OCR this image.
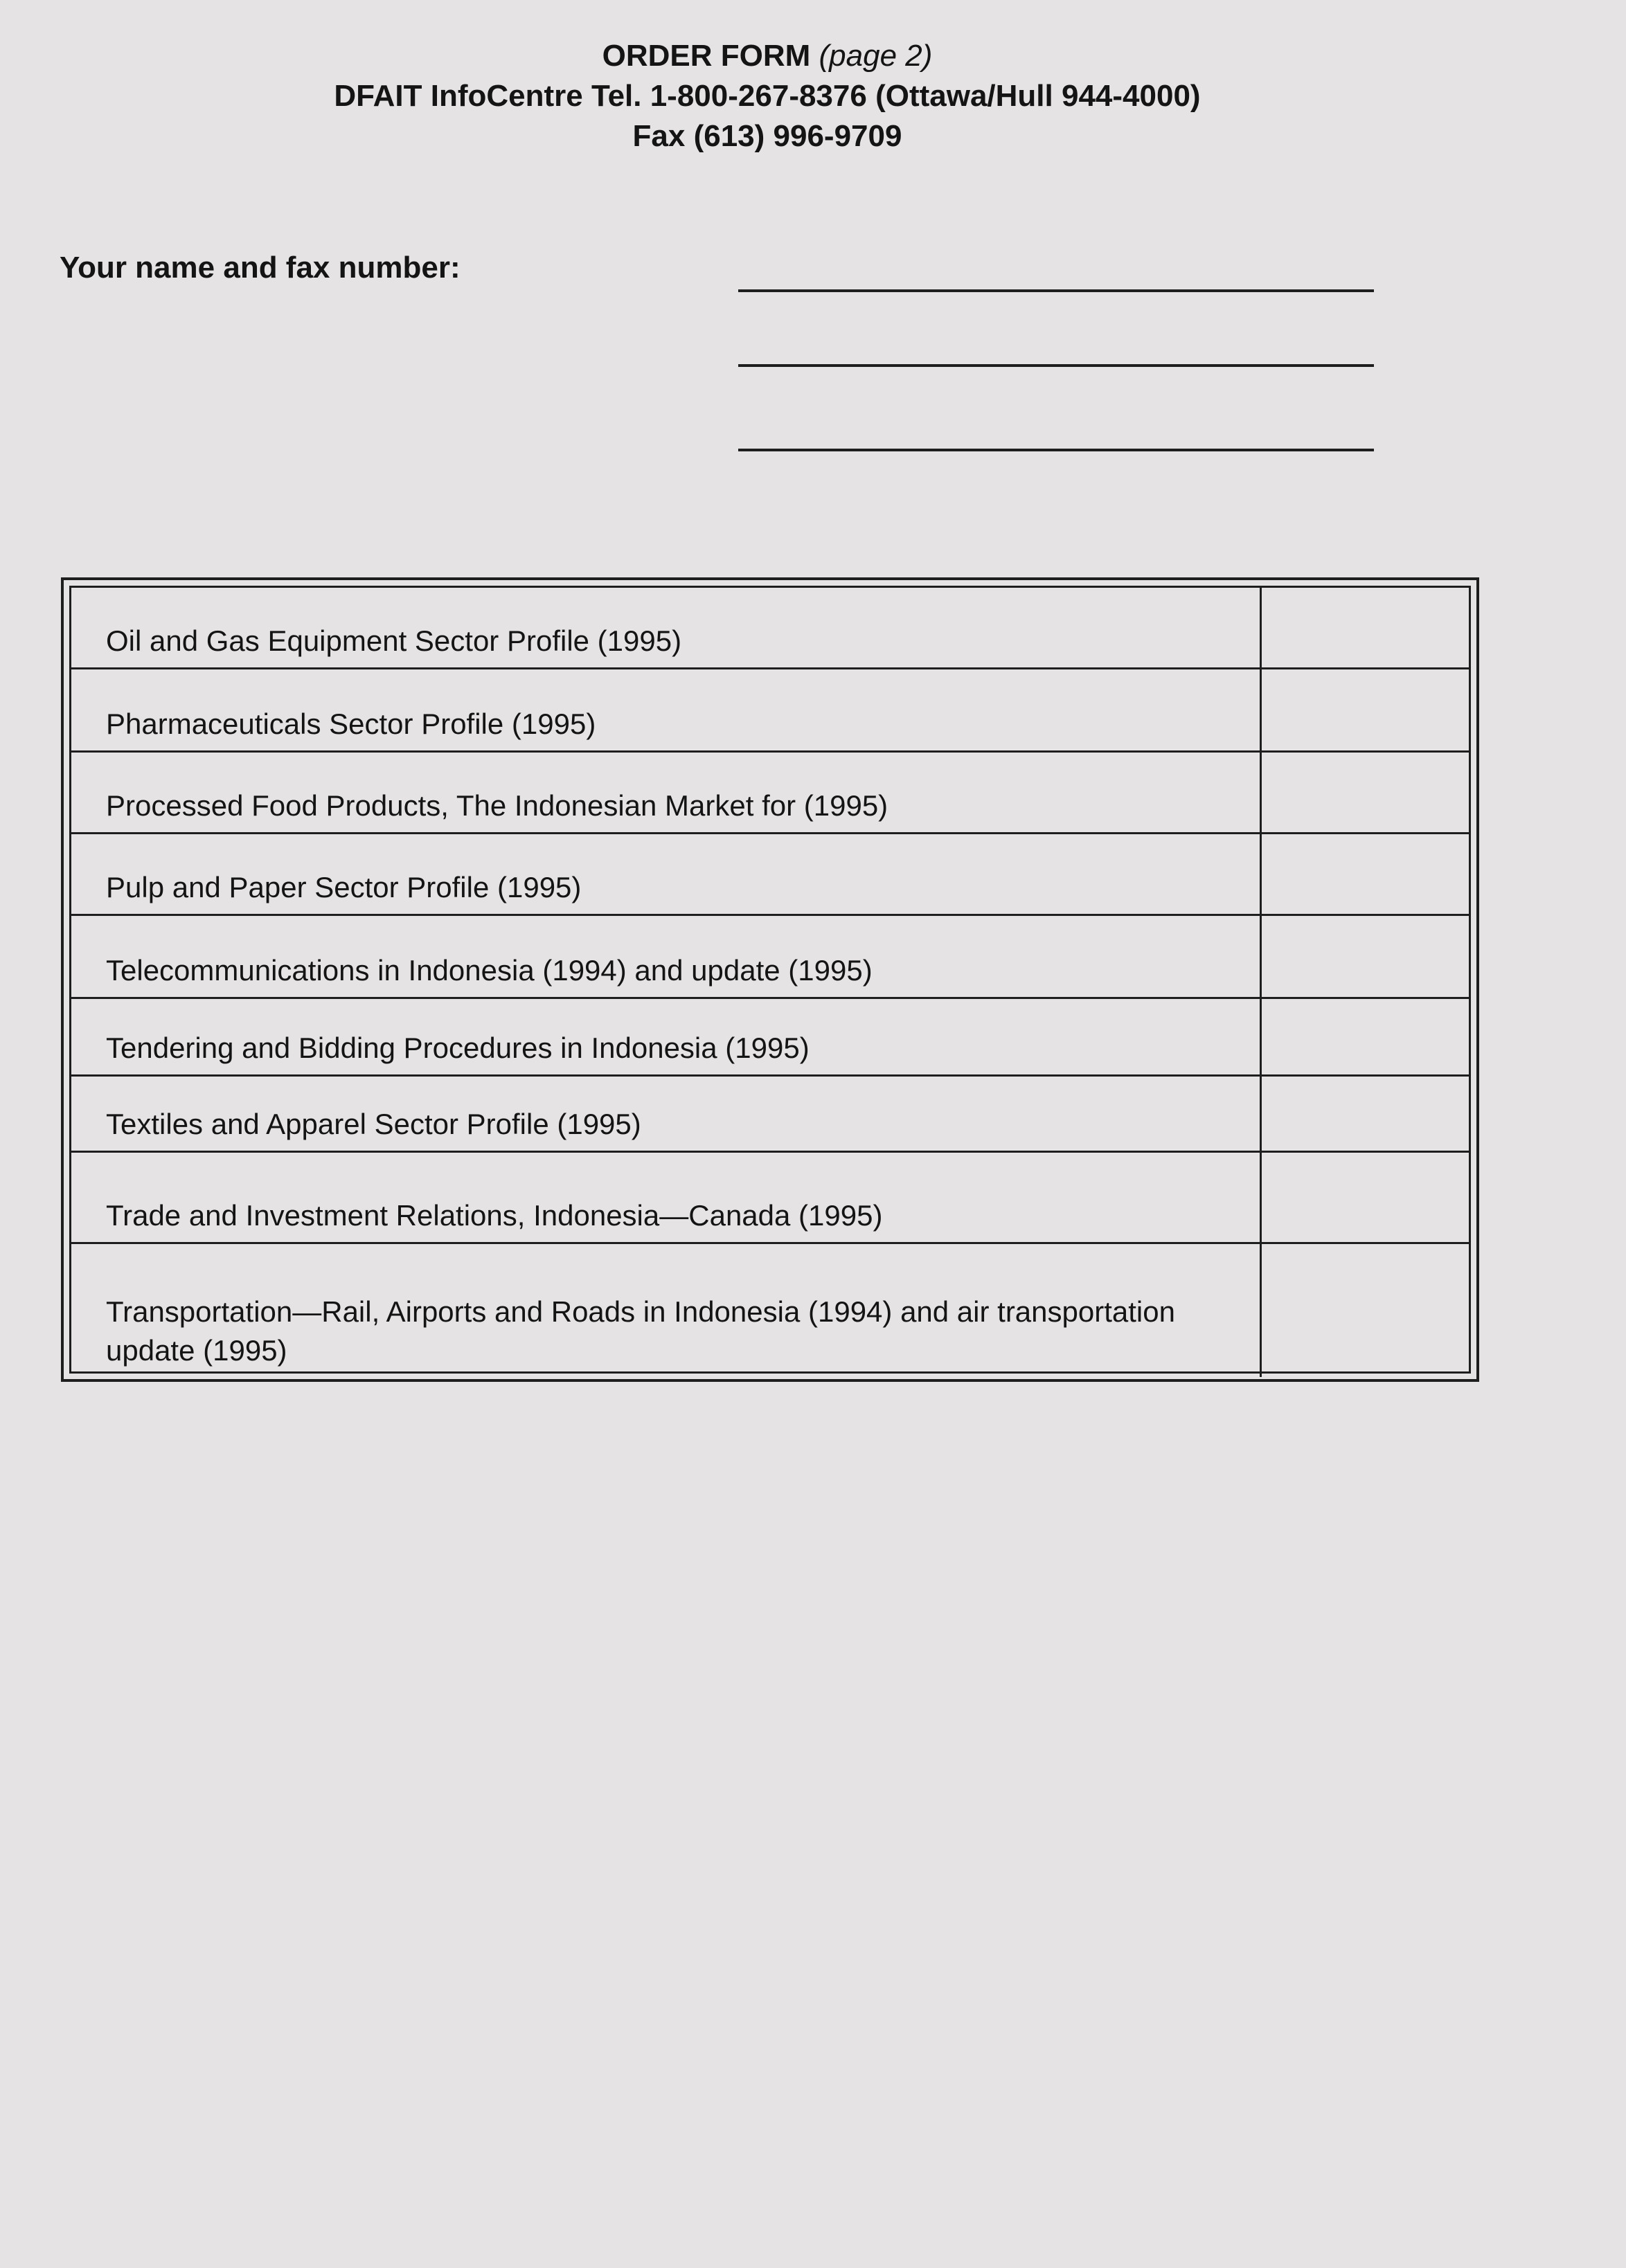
ORDER FORM (page 2)
DFAIT InfoCentre Tel. 1-800-267-8376 (Ottawa/Hull 944-4000)
Fax (613) 996-9709
Your name and fax number:
Oil and Gas Equipment Sector Profile (1995)
Pharmaceuticals Sector Profile (1995)
Processed Food Products, The Indonesian Market for (1995)
Pulp and Paper Sector Profile (1995)
Telecommunications in Indonesia (1994) and update (1995)
Tendering and Bidding Procedures in Indonesia (1995)
Textiles and Apparel Sector Profile (1995)
Trade and Investment Relations, Indonesia—Canada (1995)
Transportation—Rail, Airports and Roads in Indonesia (1994) and air transportation update (1995)
